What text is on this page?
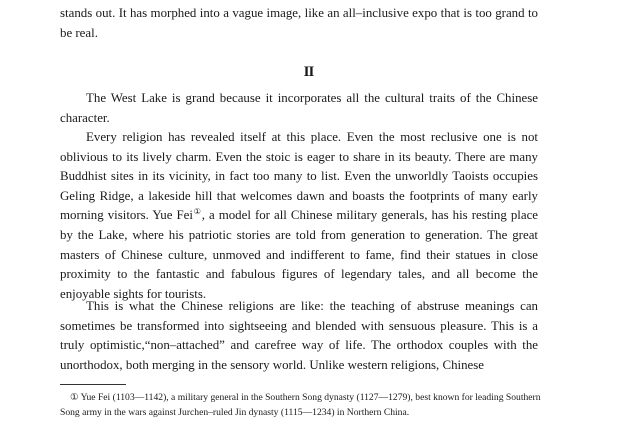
stands out. It has morphed into a vague image, like an all–inclusive expo that is too grand to be real.

II

The West Lake is grand because it incorporates all the cultural traits of the Chinese character.

Every religion has revealed itself at this place. Even the most reclusive one is not oblivious to its lively charm. Even the stoic is eager to share in its beauty. There are many Buddhist sites in its vicinity, in fact too many to list. Even the unworldly Taoists occupies Geling Ridge, a lakeside hill that welcomes dawn and boasts the footprints of many early morning visitors. Yue Fei①, a model for all Chinese military generals, has his resting place by the Lake, where his patriotic stories are told from generation to generation. The great masters of Chinese culture, unmoved and indifferent to fame, find their statues in close proximity to the fantastic and fabulous figures of legendary tales, and all become the enjoyable sights for tourists.

This is what the Chinese religions are like: the teaching of abstruse meanings can sometimes be transformed into sightseeing and blended with sensuous pleasure. This is a truly optimistic,“non–attached” and carefree way of life. The orthodox couples with the unorthodox, both merging in the sensory world. Unlike western religions, Chinese

① Yue Fei (1103—1142), a military general in the Southern Song dynasty (1127—1279), best known for leading Southern Song army in the wars against Jurchen–ruled Jin dynasty (1115—1234) in Northern China.
